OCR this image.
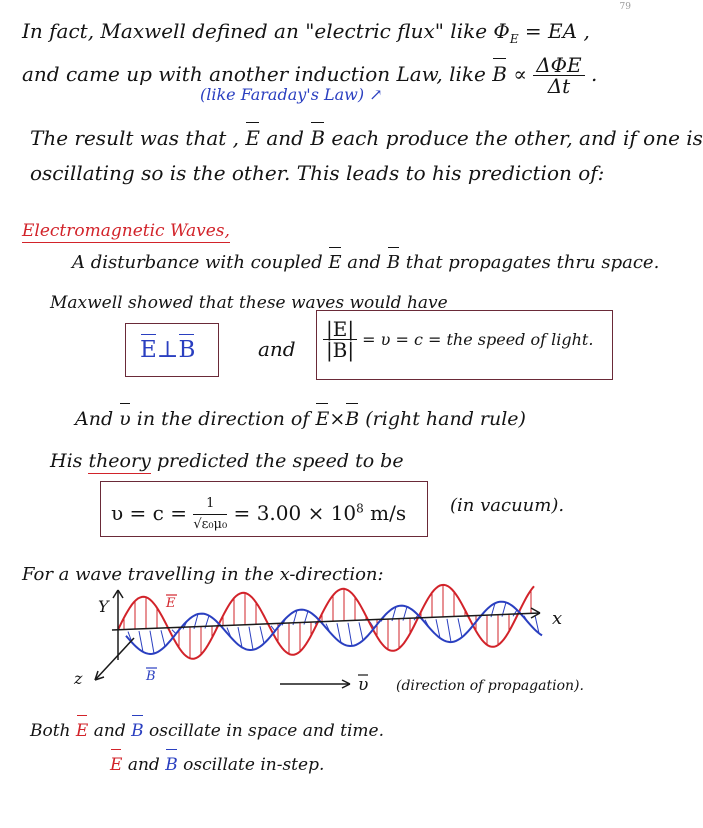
79
In fact, Maxwell defined an "electric flux" like $\Phi_E$ = EA ,
and came up with another induction Law, like $B \propto \frac{\text{ΔΦE}}{\Delta t}$ .
(like Faraday's Law) ↗
The result was that , E and B each produce the other, and if one is
oscillating so is the other. This leads to his prediction of:
Electromagnetic Waves,
A disturbance with coupled E and B that propagates thru space.
Maxwell showed that these waves would have
E⊥B	and $\frac{|E|}{|B|} = \upsilon = c$ = the speed of light.
And υ in the direction of E×B (right hand rule)
His theory predicted the speed to be
$\upsilon = c = \frac{1}{\text{√ε₀μ₀}} = 3.00 \times 10^8$ m/s (in vacuum).
For a wave travelling in the x-direction:
Y
x
z
E
B	υ (direction of propagation).
Both E and B oscillate in space and time.
E and B oscillate in-step.
